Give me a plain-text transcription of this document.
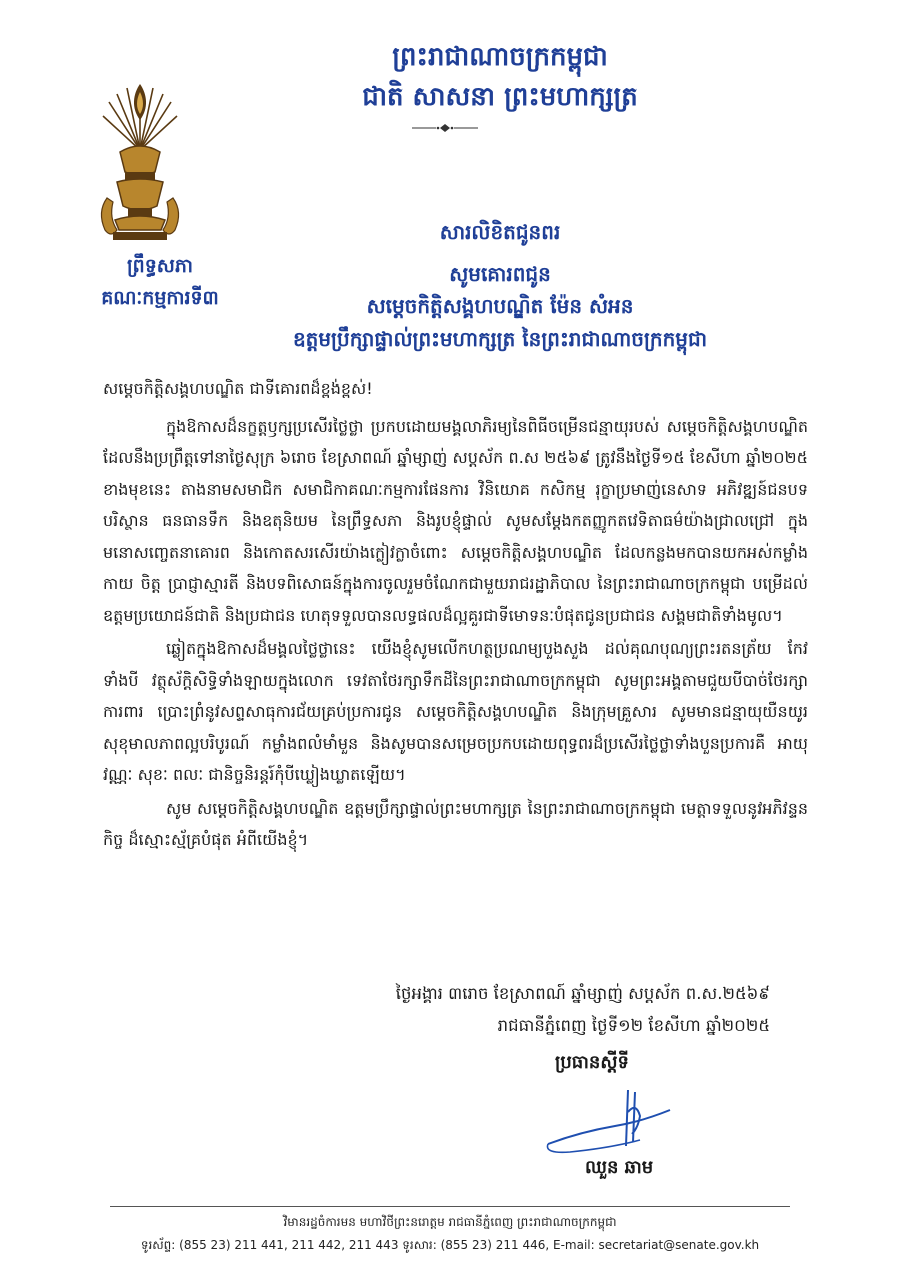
ព្រះរាជាណាចក្រកម្ពុជា
ជាតិ សាសនា ព្រះមហាក្សត្រ
ព្រឹទ្ធសភា
គណៈកម្មការទី៣
សារលិខិតជូនពរ
សូមគោរពជូន
សម្ដេចកិត្តិសង្គហបណ្ឌិត ម៉ែន សំអន
ឧត្តមប្រឹក្សាផ្ទាល់ព្រះមហាក្សត្រ នៃព្រះរាជាណាចក្រកម្ពុជា

សម្ដេចកិត្តិសង្គហបណ្ឌិត ជាទីគោរពដ៏ខ្ពង់ខ្ពស់!

ក្នុងឱកាសដ៏នក្ខត្តឫក្សប្រសើរថ្លៃថ្លា ប្រកបដោយមង្គលាភិរម្យនៃពិធីចម្រើនជន្មាយុរបស់ សម្ដេចកិត្តិសង្គហបណ្ឌិត ដែលនឹងប្រព្រឹត្តទៅនាថ្ងៃសុក្រ ៦រោច ខែស្រាពណ៍ ឆ្នាំម្សាញ់ សប្តស័ក ព.ស ២៥៦៩ ត្រូវនឹងថ្ងៃទី១៥ ខែសីហា ឆ្នាំ២០២៥ ខាងមុខនេះ តាងនាមសមាជិក សមាជិកាគណៈកម្មការផែនការ វិនិយោគ កសិកម្ម រុក្ខាប្រមាញ់នេសាទ អភិវឌ្ឍន៍ជនបទ បរិស្ថាន ធនធានទឹក និងឧតុនិយម នៃព្រឹទ្ធសភា និងរូបខ្ញុំផ្ទាល់ សូមសម្ដែងកតញ្ញូកតវេទិតាធម៌យ៉ាងជ្រាលជ្រៅ ក្នុងមនោសញ្ចេតនាគោរព និងកោតសរសើរយ៉ាងក្លៀវក្លាចំពោះ សម្ដេចកិត្តិសង្គហបណ្ឌិត ដែលកន្លងមកបានយកអស់កម្លាំងកាយ ចិត្ត ប្រាជ្ញាស្មារតី និងបទពិសោធន៍ក្នុងការចូលរួមចំណែកជាមួយរាជរដ្ឋាភិបាល នៃព្រះរាជាណាចក្រកម្ពុជា បម្រើដល់ឧត្តមប្រយោជន៍ជាតិ និងប្រជាជន ហេតុទទួលបានលទ្ធផលដ៏ល្អគួរជាទីមោទនៈបំផុតជូនប្រជាជន សង្គមជាតិទាំងមូល។

ឆ្លៀតក្នុងឱកាសដ៏មង្គលថ្លៃថ្លានេះ យើងខ្ញុំសូមលើកហត្ថប្រណម្យបួងសួង ដល់គុណបុណ្យព្រះរតនត្រ័យ កែវទាំងបី វត្ថុស័ក្តិសិទ្ធិទាំងឡាយក្នុងលោក ទេវតាថែរក្សាទឹកដីនៃព្រះរាជាណាចក្រកម្ពុជា សូមព្រះអង្គតាមជួយបីបាច់ថែរក្សា ការពារ ប្រោះព្រំនូវសព្ទសាធុការជ័យគ្រប់ប្រការជូន សម្ដេចកិត្តិសង្គហបណ្ឌិត និងក្រុមគ្រួសារ សូមមានជន្មាយុយឺនយូរ សុខុមាលភាពល្អបរិបូរណ៍ កម្លាំងពលំមាំមួន និងសូមបានសម្រេចប្រកបដោយពុទ្ធពរដ៏ប្រសើរថ្លៃថ្លាទាំងបួនប្រការគឺ អាយុ វណ្ណៈ សុខៈ ពលៈ ជានិច្ចនិរន្តរ៍កុំបីឃ្លៀងឃ្លាតឡើយ។

សូម សម្ដេចកិត្តិសង្គហបណ្ឌិត ឧត្តមប្រឹក្សាផ្ទាល់ព្រះមហាក្សត្រ នៃព្រះរាជាណាចក្រកម្ពុជា មេត្តាទទួលនូវអភិវន្ទនកិច្ច ដ៏ស្មោះស្ម័គ្របំផុត អំពីយើងខ្ញុំ។

ថ្ងៃអង្គារ ៣រោច ខែស្រាពណ៍ ឆ្នាំម្សាញ់ សប្តស័ក ព.ស.២៥៦៩
រាជធានីភ្នំពេញ ថ្ងៃទី១២ ខែសីហា ឆ្នាំ២០២៥
ប្រធានស្តីទី
ឈួន ឆាម
វិមានរដ្ឋចំការមន មហាវិថីព្រះនរោត្តម រាជធានីភ្នំពេញ ព្រះរាជាណាចក្រកម្ពុជា
ទូរស័ព្ទ: (855 23) 211 441, 211 442, 211 443 ទូរសារ: (855 23) 211 446, E-mail: secretariat@senate.gov.kh
